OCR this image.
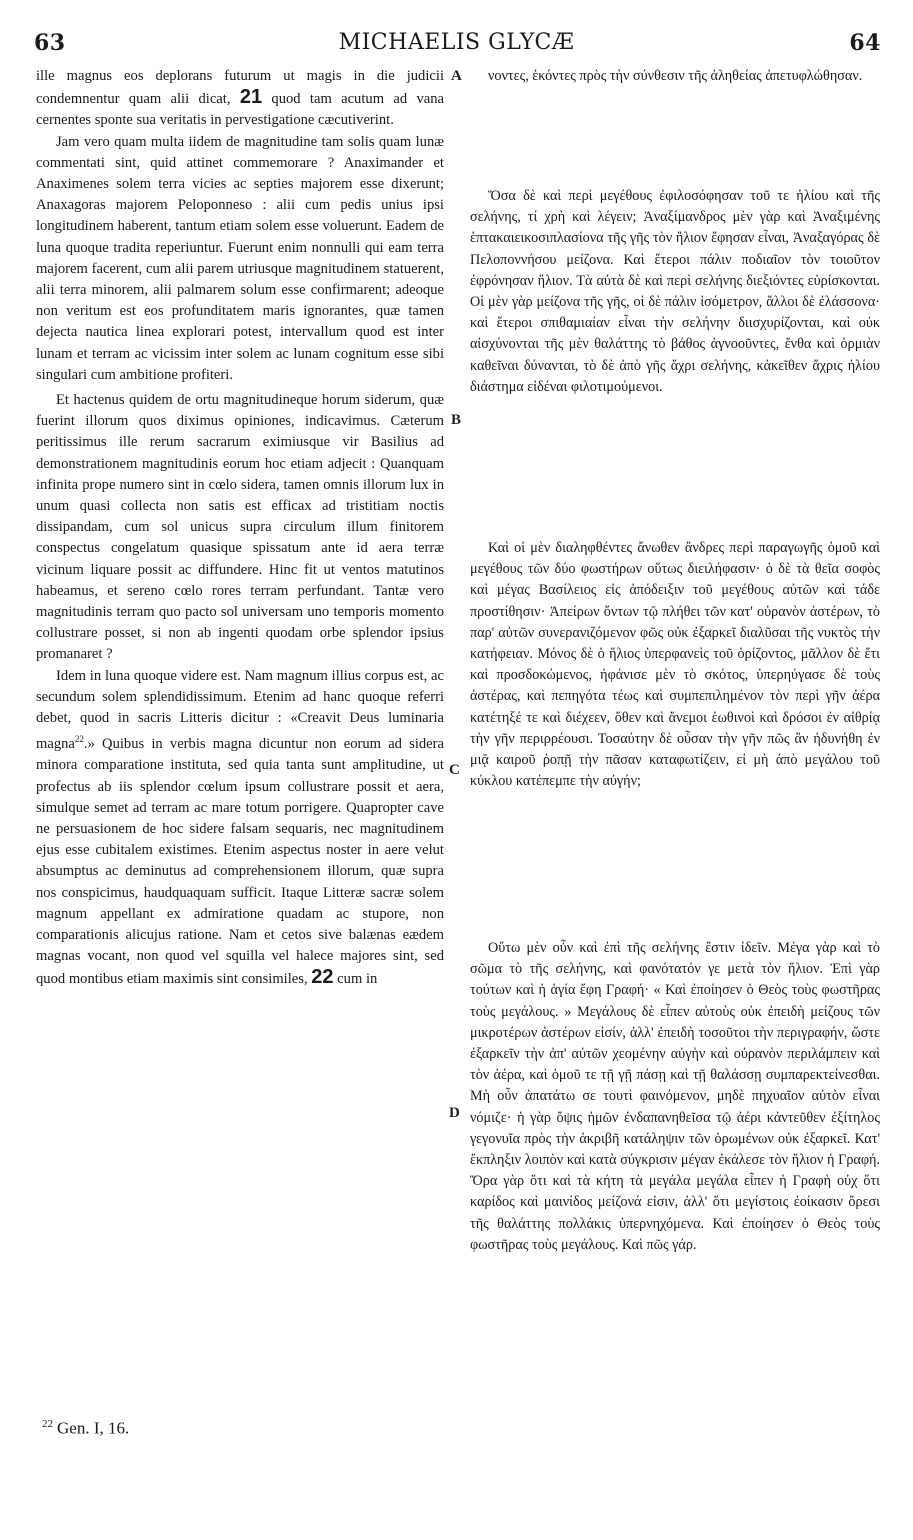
63	MICHAELIS GLYCÆ	64

ille magnus eos deplorans futurum ut magis in die judicii condemnentur quam alii dicat, 21 quod tam acutum ad vana cernentes sponte sua veritatis in pervestigatione cæcutiverint.

Jam vero quam multa iidem de magnitudine tam solis quam lunæ commentati sint, quid attinet commemorare ? Anaximander et Anaximenes solem terra vicies ac septies majorem esse dixerunt; Anaxagoras majorem Peloponneso : alii cum pedis unius ipsi longitudinem haberent, tantum etiam solem esse voluerunt. Eadem de luna quoque tradita reperiuntur. Fuerunt enim nonnulli qui eam terra majorem facerent, cum alii parem utriusque magnitudinem statuerent, alii terra minorem, alii palmarem solum esse confirmarent; adeoque non veritum est eos profunditatem maris ignorantes, quæ tamen dejecta nautica linea explorari potest, intervallum quod est inter lunam et terram ac vicissim inter solem ac lunam cognitum esse sibi singulari cum ambitione profiteri.

Et hactenus quidem de ortu magnitudineque horum siderum, quæ fuerint illorum quos diximus opiniones, indicavimus. Cæterum peritissimus ille rerum sacrarum eximiusque vir Basilius ad demonstrationem magnitudinis eorum hoc etiam adjecit : Quanquam infinita prope numero sint in cœlo sidera, tamen omnis illorum lux in unum quasi collecta non satis est efficax ad tristitiam noctis dissipandam, cum sol unicus supra circulum illum finitorem conspectus congelatum quasique spissatum ante id aera terræ vicinum liquare possit ac diffundere. Hinc fit ut ventos matutinos habeamus, et sereno cœlo rores terram perfundant. Tantæ vero magnitudinis terram quo pacto sol universam uno temporis momento collustrare posset, si non ab ingenti quodam orbe splendor ipsius promanaret ?

Idem in luna quoque videre est. Nam magnum illius corpus est, ac secundum solem splendidissimum. Etenim ad hanc quoque referri debet, quod in sacris Litteris dicitur : «Creavit Deus luminaria magna$^{22}$.» Quibus in verbis magna dicuntur non eorum ad sidera minora comparatione instituta, sed quia tanta sunt amplitudine, ut profectus ab iis splendor cœlum ipsum collustrare possit et aera, simulque semet ad terram ac mare totum porrigere. Quapropter cave ne persuasionem de hoc sidere falsam sequaris, nec magnitudinem ejus esse cubitalem existimes. Etenim aspectus noster in aere velut absumptus ac deminutus ad comprehensionem illorum, quæ supra nos conspicimus, haudquaquam sufficit. Itaque Litteræ sacræ solem magnum appellant ex admiratione quadam ac stupore, non comparationis alicujus ratione. Nam et cetos sive balænas eædem magnas vocant, non quod vel squilla vel halece majores sint, sed quod montibus etiam maximis sint consimiles, 22 cum in

A
B
C
D

νοντες, ἑκόντες πρὸς τὴν σύνθεσιν τῆς ἀληθείας ἀπετυφλώθησαν.

Ὅσα δὲ καὶ περὶ μεγέθους ἐφιλοσόφησαν τοῦ τε ἡλίου καὶ τῆς σελήνης, τί χρὴ καὶ λέγειν; Ἀναξίμανδρος μὲν γὰρ καὶ Ἀναξιμένης ἑπτακαιεικοσιπλασίονα τῆς γῆς τὸν ἥλιον ἔφησαν εἶναι, Ἀναξαγόρας δὲ Πελοποννήσου μείζονα. Καὶ ἕτεροι πάλιν ποδιαῖον τὸν τοιοῦτον ἐφρόνησαν ἥλιον. Τὰ αὐτὰ δὲ καὶ περὶ σελήνης διεξιόντες εὑρίσκονται. Οἱ μὲν γὰρ μείζονα τῆς γῆς, οἱ δὲ πάλιν ἰσόμετρον, ἄλλοι δὲ ἐλάσσονα· καὶ ἕτεροι σπιθαμιαίαν εἶναι τὴν σελήνην διισχυρίζονται, καὶ οὐκ αἰσχύνονται τῆς μὲν θαλάττης τὸ βάθος ἀγνοοῦντες, ἔνθα καὶ ὁρμιὰν καθεῖναι δύνανται, τὸ δὲ ἀπὸ γῆς ἄχρι σελήνης, κἀκεῖθεν ἄχρις ἡλίου διάστημα εἰδέναι φιλοτιμούμενοι.

Καὶ οἱ μὲν διαληφθέντες ἄνωθεν ἄνδρες περὶ παραγωγῆς ὁμοῦ καὶ μεγέθους τῶν δύο φωστήρων οὕτως διειλήφασιν· ὁ δὲ τὰ θεῖα σοφὸς καὶ μέγας Βασίλειος εἰς ἀπόδειξιν τοῦ μεγέθους αὐτῶν καὶ τάδε προστίθησιν· Ἀπείρων ὄντων τῷ πλήθει τῶν κατ' οὐρανὸν ἀστέρων, τὸ παρ' αὐτῶν συνερανιζόμενον φῶς οὐκ ἐξαρκεῖ διαλῦσαι τῆς νυκτὸς τὴν κατήφειαν. Μόνος δὲ ὁ ἥλιος ὑπερφανεὶς τοῦ ὁρίζοντος, μᾶλλον δὲ ἔτι καὶ προσδοκώμενος, ἠφάνισε μὲν τὸ σκότος, ὑπερηύγασε δὲ τοὺς ἀστέρας, καὶ πεπηγότα τέως καὶ συμπεπιλημένον τὸν περὶ γῆν ἀέρα κατέτηξέ τε καὶ διέχεεν, ὅθεν καὶ ἄνεμοι ἑωθινοὶ καὶ δρόσοι ἐν αἰθρίᾳ τὴν γῆν περιρρέουσι. Τοσαύτην δὲ οὖσαν τὴν γῆν πῶς ἂν ἠδυνήθη ἐν μιᾷ καιροῦ ῥοπῇ τὴν πᾶσαν καταφωτίζειν, εἰ μὴ ἀπὸ μεγάλου τοῦ κύκλου κατέπεμπε τὴν αὐγήν;

Οὕτω μὲν οὖν καὶ ἐπὶ τῆς σελήνης ἔστιν ἰδεῖν. Μέγα γὰρ καὶ τὸ σῶμα τὸ τῆς σελήνης, καὶ φανότατόν γε μετὰ τὸν ἥλιον. Ἐπὶ γὰρ τούτων καὶ ἡ ἁγία ἔφη Γραφή· « Καὶ ἐποίησεν ὁ Θεὸς τοὺς φωστῆρας τοὺς μεγάλους. » Μεγάλους δὲ εἶπεν αὐτοὺς οὐκ ἐπειδὴ μείζους τῶν μικροτέρων ἀστέρων εἰσίν, ἀλλ' ἐπειδὴ τοσοῦτοι τὴν περιγραφήν, ὥστε ἐξαρκεῖν τὴν ἀπ' αὐτῶν χεομένην αὐγὴν καὶ οὐρανὸν περιλάμπειν καὶ τὸν ἀέρα, καὶ ὁμοῦ τε τῇ γῇ πάσῃ καὶ τῇ θαλάσσῃ συμπαρεκτείνεσθαι. Μὴ οὖν ἀπατάτω σε τουτὶ φαινόμενον, μηδὲ πηχυαῖον αὐτὸν εἶναι νόμιζε· ἡ γὰρ ὄψις ἡμῶν ἐνδαπανηθεῖσα τῷ ἀέρι κἀντεῦθεν ἐξίτηλος γεγονυῖα πρὸς τὴν ἀκριβῆ κατάληψιν τῶν ὁρωμένων οὐκ ἐξαρκεῖ. Κατ' ἔκπληξιν λοιπὸν καὶ κατὰ σύγκρισιν μέγαν ἐκάλεσε τὸν ἥλιον ἡ Γραφή. Ὅρα γὰρ ὅτι καὶ τὰ κήτη τὰ μεγάλα μεγάλα εἶπεν ἡ Γραφὴ οὐχ ὅτι καρίδος καὶ μαινίδος μείζονά εἰσιν, ἀλλ' ὅτι μεγίστοις ἐοίκασιν ὄρεσι τῆς θαλάττης πολλάκις ὑπερνηχόμενα. Καὶ ἐποίησεν ὁ Θεὸς τοὺς φωστῆρας τοὺς μεγάλους. Καὶ πῶς γάρ.

$^{22}$ Gen. I, 16.
